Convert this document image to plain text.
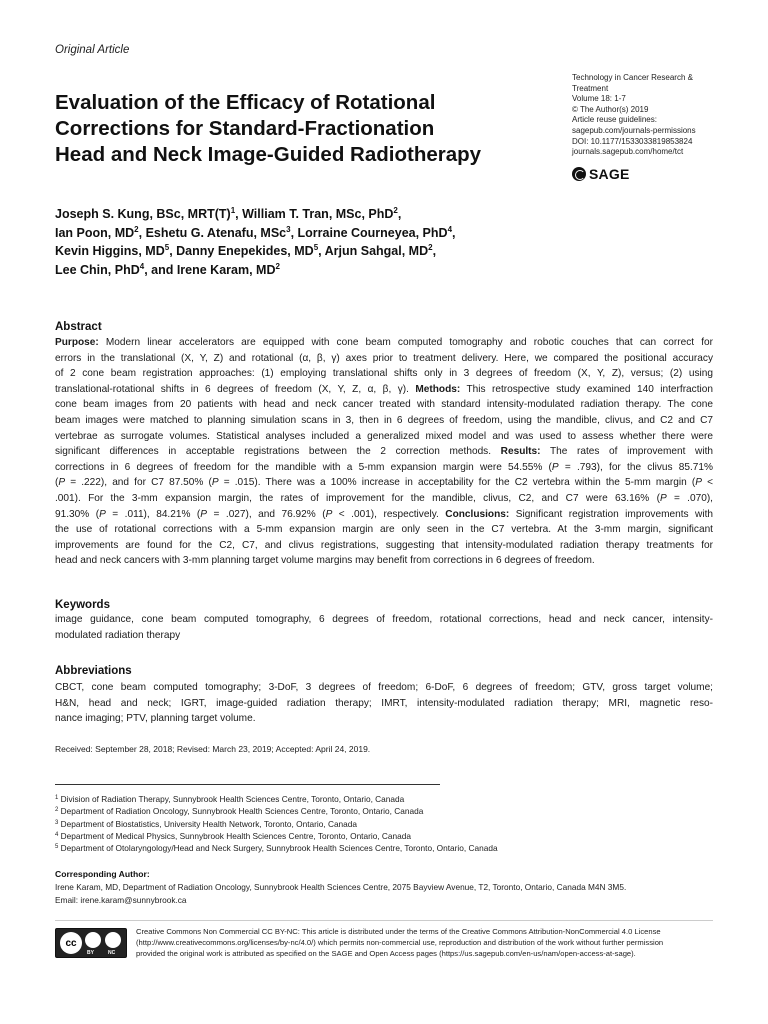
Original Article
Technology in Cancer Research &
Treatment
Volume 18: 1-7
© The Author(s) 2019
Article reuse guidelines:
sagepub.com/journals-permissions
DOI: 10.1177/1533033819853824
journals.sagepub.com/home/tct
SAGE
Evaluation of the Efficacy of Rotational
Corrections for Standard-Fractionation
Head and Neck Image-Guided Radiotherapy
Joseph S. Kung, BSc, $MRT(T)^1$, William T. Tran, MSc, PhD$^2$,
Ian Poon, $MD^2$, Eshetu G. Atenafu, MSc$^3$, Lorraine Courneyea, PhD$^4$,
Kevin Higgins, $MD^5$, Danny Enepekides, $MD^5$, Arjun Sahgal, $MD^2$,
Lee Chin, PhD$^4$, and Irene Karam, $MD^2$
Abstract
Purpose: Modern linear accelerators are equipped with cone beam computed tomography and robotic couches that can correct for
errors in the translational (X, Y, Z) and rotational (α, β, γ) axes prior to treatment delivery. Here, we compared the positional accuracy
of 2 cone beam registration approaches: (1) employing translational shifts only in 3 degrees of freedom (X, Y, Z), versus; (2) using
translational-rotational shifts in 6 degrees of freedom (X, Y, Z, α, β, γ). Methods: This retrospective study examined 140 interfraction
cone beam images from 20 patients with head and neck cancer treated with standard intensity-modulated radiation therapy. The cone
beam images were matched to planning simulation scans in 3, then in 6 degrees of freedom, using the mandible, clivus, and C2 and C7
vertebrae as surrogate volumes. Statistical analyses included a generalized mixed model and was used to assess whether there were
significant differences in acceptable registrations between the 2 correction methods. Results: The rates of improvement with
corrections in 6 degrees of freedom for the mandible with a 5-mm expansion margin were 54.55% (P = .793), for the clivus 85.71%
(P = .222), and for C7 87.50% (P = .015). There was a 100% increase in acceptability for the C2 vertebra within the 5-mm margin (P <
.001). For the 3-mm expansion margin, the rates of improvement for the mandible, clivus, C2, and C7 were 63.16% (P = .070),
91.30% (P = .011), 84.21% (P = .027), and 76.92% (P < .001), respectively. Conclusions: Significant registration improvements with
the use of rotational corrections with a 5-mm expansion margin are only seen in the C7 vertebra. At the 3-mm margin, significant
improvements are found for the C2, C7, and clivus registrations, suggesting that intensity-modulated radiation therapy treatments for
head and neck cancers with 3-mm planning target volume margins may benefit from corrections in 6 degrees of freedom.
Keywords
image guidance, cone beam computed tomography, 6 degrees of freedom, rotational corrections, head and neck cancer, intensity-
modulated radiation therapy
Abbreviations
CBCT, cone beam computed tomography; 3-DoF, 3 degrees of freedom; 6-DoF, 6 degrees of freedom; GTV, gross target volume;
H&N, head and neck; IGRT, image-guided radiation therapy; IMRT, intensity-modulated radiation therapy; MRI, magnetic reso-
nance imaging; PTV, planning target volume.
Received: September 28, 2018; Revised: March 23, 2019; Accepted: April 24, 2019.
$^1$ Division of Radiation Therapy, Sunnybrook Health Sciences Centre, Toronto, Ontario, Canada
$^2$ Department of Radiation Oncology, Sunnybrook Health Sciences Centre, Toronto, Ontario, Canada
$^3$ Department of Biostatistics, University Health Network, Toronto, Ontario, Canada
$^4$ Department of Medical Physics, Sunnybrook Health Sciences Centre, Toronto, Ontario, Canada
$^5$ Department of Otolaryngology/Head and Neck Surgery, Sunnybrook Health Sciences Centre, Toronto, Ontario, Canada
Corresponding Author:
Irene Karam, MD, Department of Radiation Oncology, Sunnybrook Health Sciences Centre, 2075 Bayview Avenue, T2, Toronto, Ontario, Canada M4N 3M5.
Email: irene.karam@sunnybrook.ca
cc
BY	NC
Creative Commons Non Commercial CC BY-NC: This article is distributed under the terms of the Creative Commons Attribution-NonCommercial 4.0 License
(http://www.creativecommons.org/licenses/by-nc/4.0/) which permits non-commercial use, reproduction and distribution of the work without further permission
provided the original work is attributed as specified on the SAGE and Open Access pages (https://us.sagepub.com/en-us/nam/open-access-at-sage).
